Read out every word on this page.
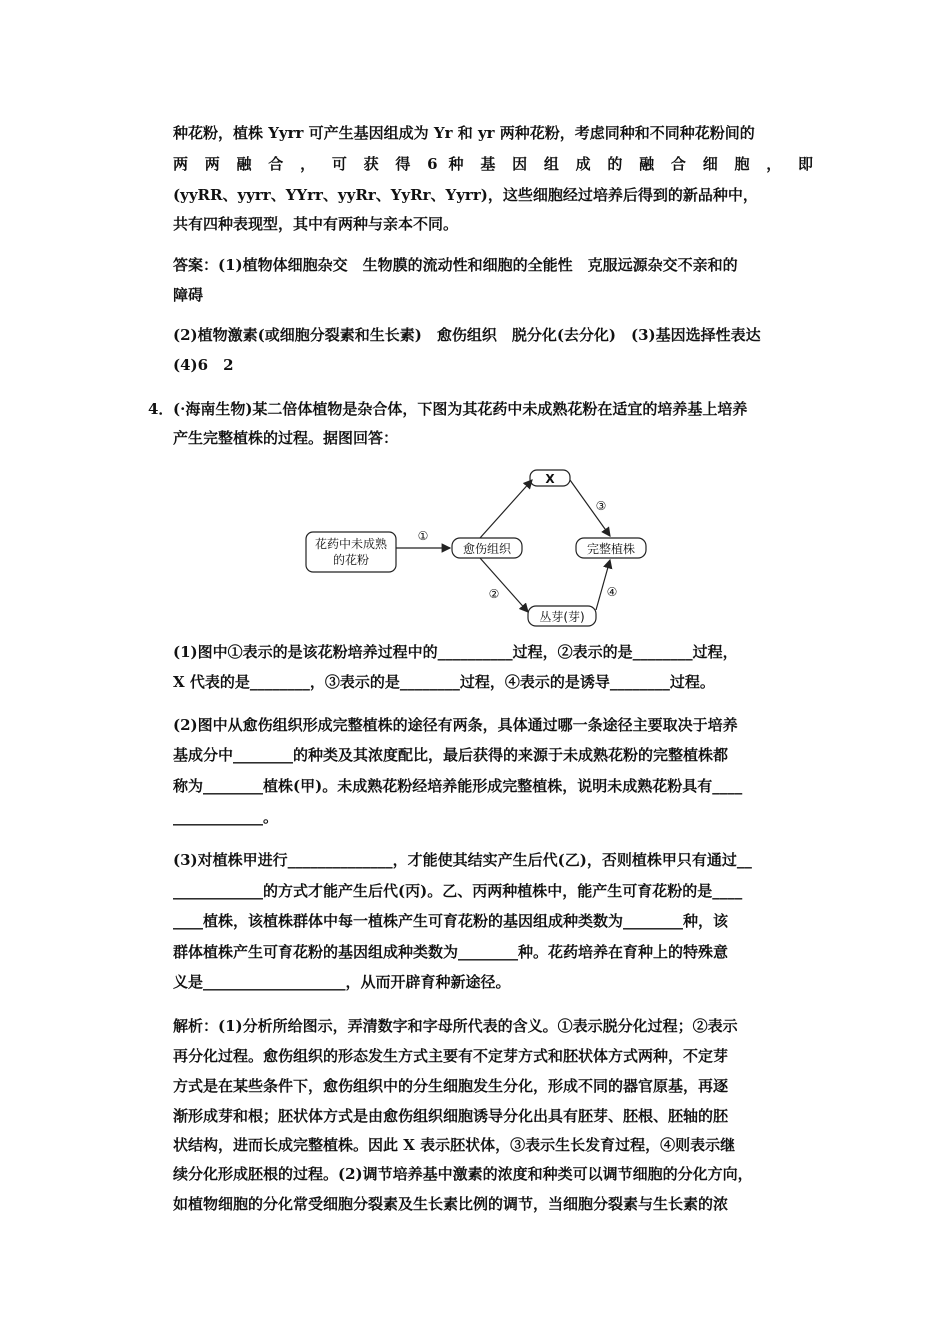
种花粉，植株 Yyrr 可产生基因组成为 Yr 和 yr 两种花粉，考虑同种和不同种花粉间的
两 两 融 合 ， 可 获 得 6 种 基 因 组 成 的 融 合 细 胞 ， 即
(yyRR、yyrr、YYrr、yyRr、YyRr、Yyrr)，这些细胞经过培养后得到的新品种中，
共有四种表现型，其中有两种与亲本不同。
答案：(1)植物体细胞杂交　生物膜的流动性和细胞的全能性　克服远源杂交不亲和的
障碍
(2)植物激素(或细胞分裂素和生长素)　愈伤组织　脱分化(去分化)　(3)基因选择性表达
(4)6　2
4． (·海南生物)某二倍体植物是杂合体，下图为其花药中未成熟花粉在适宜的培养基上培养
产生完整植株的过程。据图回答：
花药中未成熟
的花粉
①
愈伤组织
X
完整植株
丛芽(芽)
③
②	④
(1)图中①表示的是该花粉培养过程中的__________过程，②表示的是________过程，
X 代表的是________，③表示的是________过程，④表示的是诱导________过程。
(2)图中从愈伤组织形成完整植株的途径有两条，具体通过哪一条途径主要取决于培养
基成分中________的种类及其浓度配比，最后获得的来源于未成熟花粉的完整植株都
称为________植株(甲)。未成熟花粉经培养能形成完整植株，说明未成熟花粉具有____
____________。
(3)对植株甲进行______________，才能使其结实产生后代(乙)，否则植株甲只有通过__
____________的方式才能产生后代(丙)。乙、丙两种植株中，能产生可育花粉的是____
____植株，该植株群体中每一植株产生可育花粉的基因组成种类数为________种，该
群体植株产生可育花粉的基因组成种类数为________种。花药培养在育种上的特殊意
义是___________________，从而开辟育种新途径。
解析：(1)分析所给图示，弄清数字和字母所代表的含义。①表示脱分化过程；②表示
再分化过程。愈伤组织的形态发生方式主要有不定芽方式和胚状体方式两种，不定芽
方式是在某些条件下，愈伤组织中的分生细胞发生分化，形成不同的器官原基，再逐
渐形成芽和根；胚状体方式是由愈伤组织细胞诱导分化出具有胚芽、胚根、胚轴的胚
状结构，进而长成完整植株。因此 X 表示胚状体，③表示生长发育过程，④则表示继
续分化形成胚根的过程。(2)调节培养基中激素的浓度和种类可以调节细胞的分化方向，
如植物细胞的分化常受细胞分裂素及生长素比例的调节，当细胞分裂素与生长素的浓
